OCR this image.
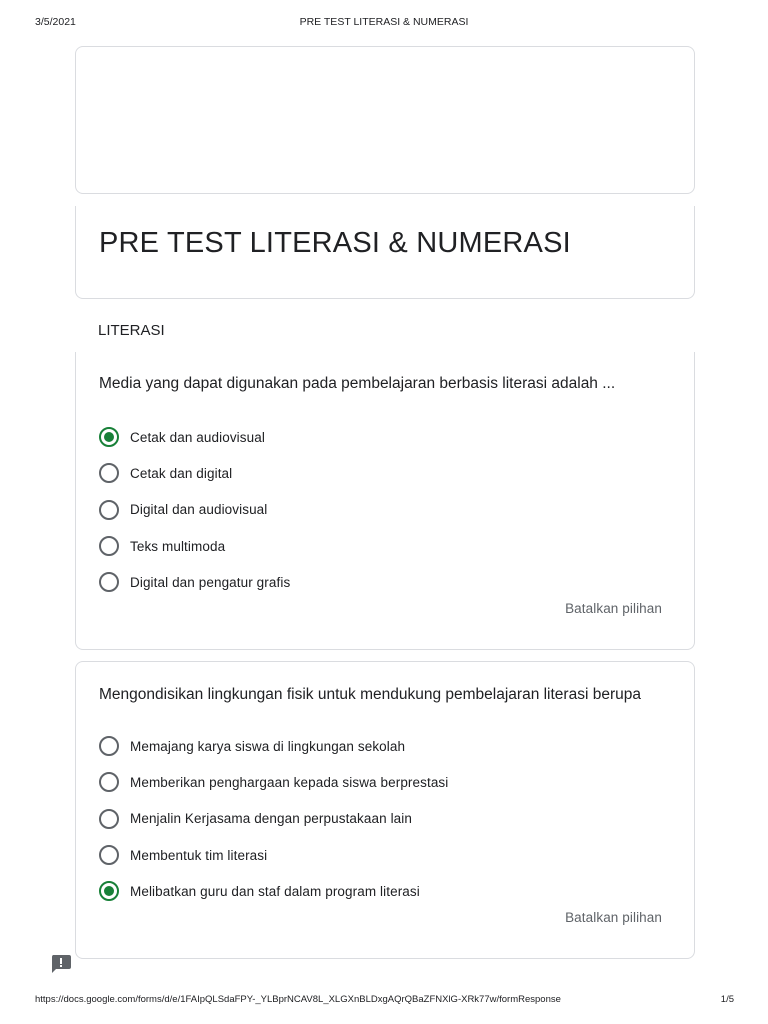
3/5/2021	PRE TEST LITERASI & NUMERASI
PRE TEST LITERASI & NUMERASI
LITERASI
Media yang dapat digunakan pada pembelajaran berbasis literasi adalah ...
Cetak dan audiovisual
Cetak dan digital
Digital dan audiovisual
Teks multimoda
Digital dan pengatur grafis
Batalkan pilihan
Mengondisikan lingkungan fisik untuk mendukung pembelajaran literasi berupa
Memajang karya siswa di lingkungan sekolah
Memberikan penghargaan kepada siswa berprestasi
Menjalin Kerjasama dengan perpustakaan lain
Membentuk tim literasi
Melibatkan guru dan staf dalam program literasi
Batalkan pilihan
https://docs.google.com/forms/d/e/1FAIpQLSdaFPY-_YLBprNCAV8L_XLGXnBLDxgAQrQBaZFNXlG-XRk77w/formResponse	1/5
